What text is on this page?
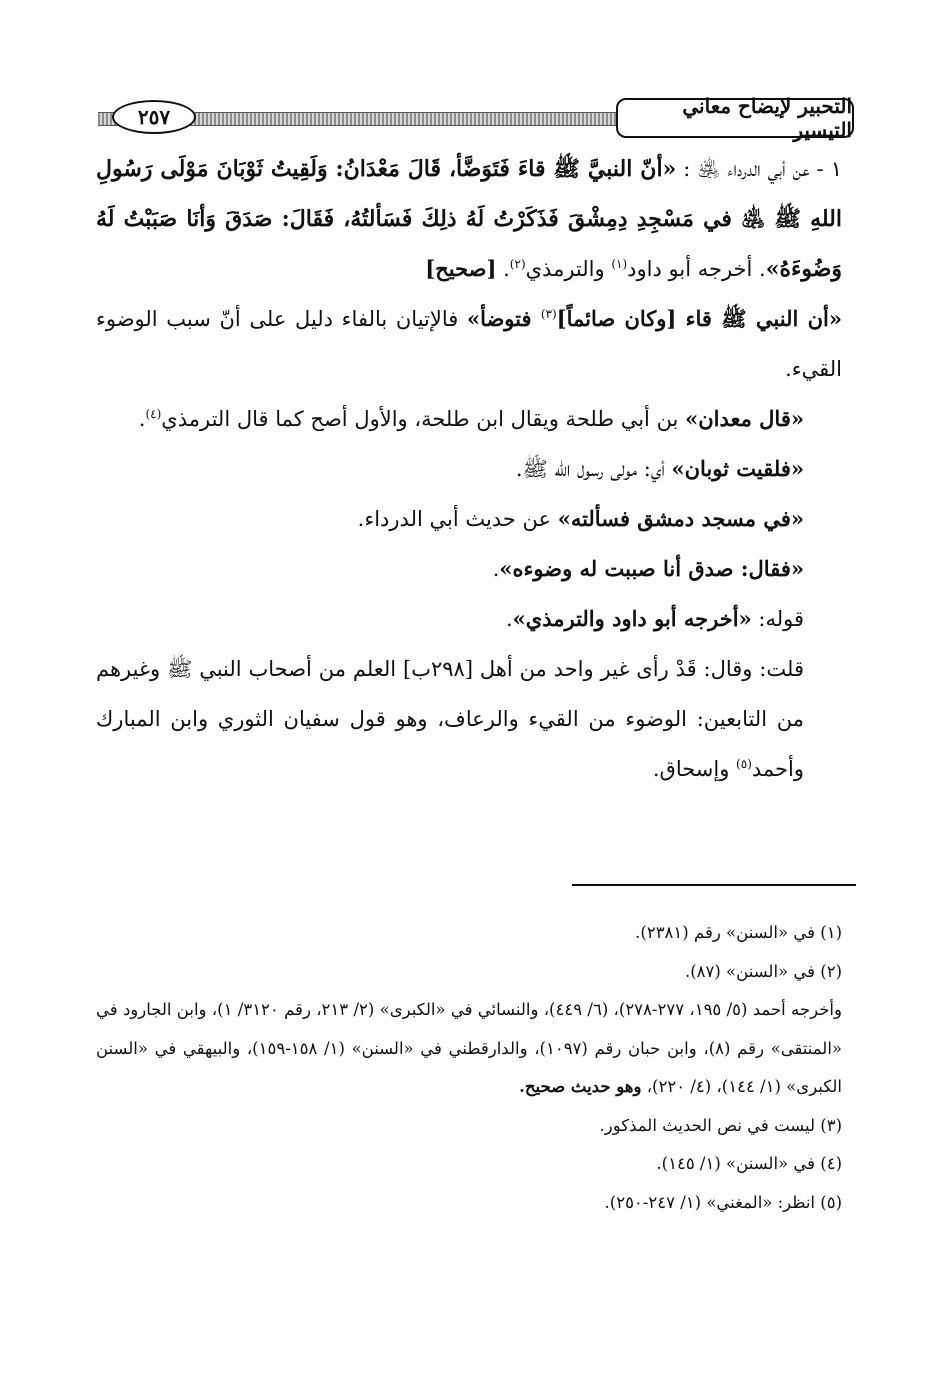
٢٥٧	التحبير لإيضاح معاني التيسير

١ - عن أبي الدرداء ﵁ : «أنّ النبيَّ ﷺ قاءَ فَتَوَضَّأ، قَالَ مَعْدَانُ: وَلَقِيتُ ثَوْبَانَ مَوْلَى رَسُولِ اللهِ ﷺ ﵁ في مَسْجِدِ دِمِشْقَ فَذَكَرْتُ لَهُ ذلِكَ فَسَألتُهُ، فَقَالَ: صَدَقَ وَأنَا صَبَبْتُ لَهُ وَضُوءَهُ». أخرجه أبو داود$^{(١)}$ والترمذي$^{(٢)}$. [صحيح]

«أن النبي ﷺ قاء [وكان صائماً]$^{(٣)}$ فتوضأ» فالإتيان بالفاء دليل على أنّ سبب الوضوء القيء.

«قال معدان» بن أبي طلحة ويقال ابن طلحة، والأول أصح كما قال الترمذي$^{(٤)}$.

«فلقيت ثوبان» أي: مولى رسول الله ﷺ.

«في مسجد دمشق فسألته» عن حديث أبي الدرداء.

«فقال: صدق أنا صببت له وضوءه».

قوله: «أخرجه أبو داود والترمذي».

قلت: وقال: قَدْ رأى غير واحد من أهل [٢٩٨ب] العلم من أصحاب النبي ﷺ وغيرهم من التابعين: الوضوء من القيء والرعاف، وهو قول سفيان الثوري وابن المبارك وأحمد$^{(٥)}$ وإسحاق.

(١) في «السنن» رقم (٢٣٨١).

(٢) في «السنن» (٨٧).

وأخرجه أحمد (٥/ ١٩٥، ٢٧٧-٢٧٨)، (٦/ ٤٤٩)، والنسائي في «الكبرى» (٢/ ٢١٣، رقم ٣١٢٠/ ١)، وابن الجارود في «المنتقى» رقم (٨)، وابن حبان رقم (١٠٩٧)، والدارقطني في «السنن» (١/ ١٥٨-١٥٩)، والبيهقي في «السنن الكبرى» (١/ ١٤٤)، (٤/ ٢٢٠)، وهو حديث صحيح.

(٣) ليست في نص الحديث المذكور.

(٤) في «السنن» (١/ ١٤٥).

(٥) انظر: «المغني» (١/ ٢٤٧-٢٥٠).
